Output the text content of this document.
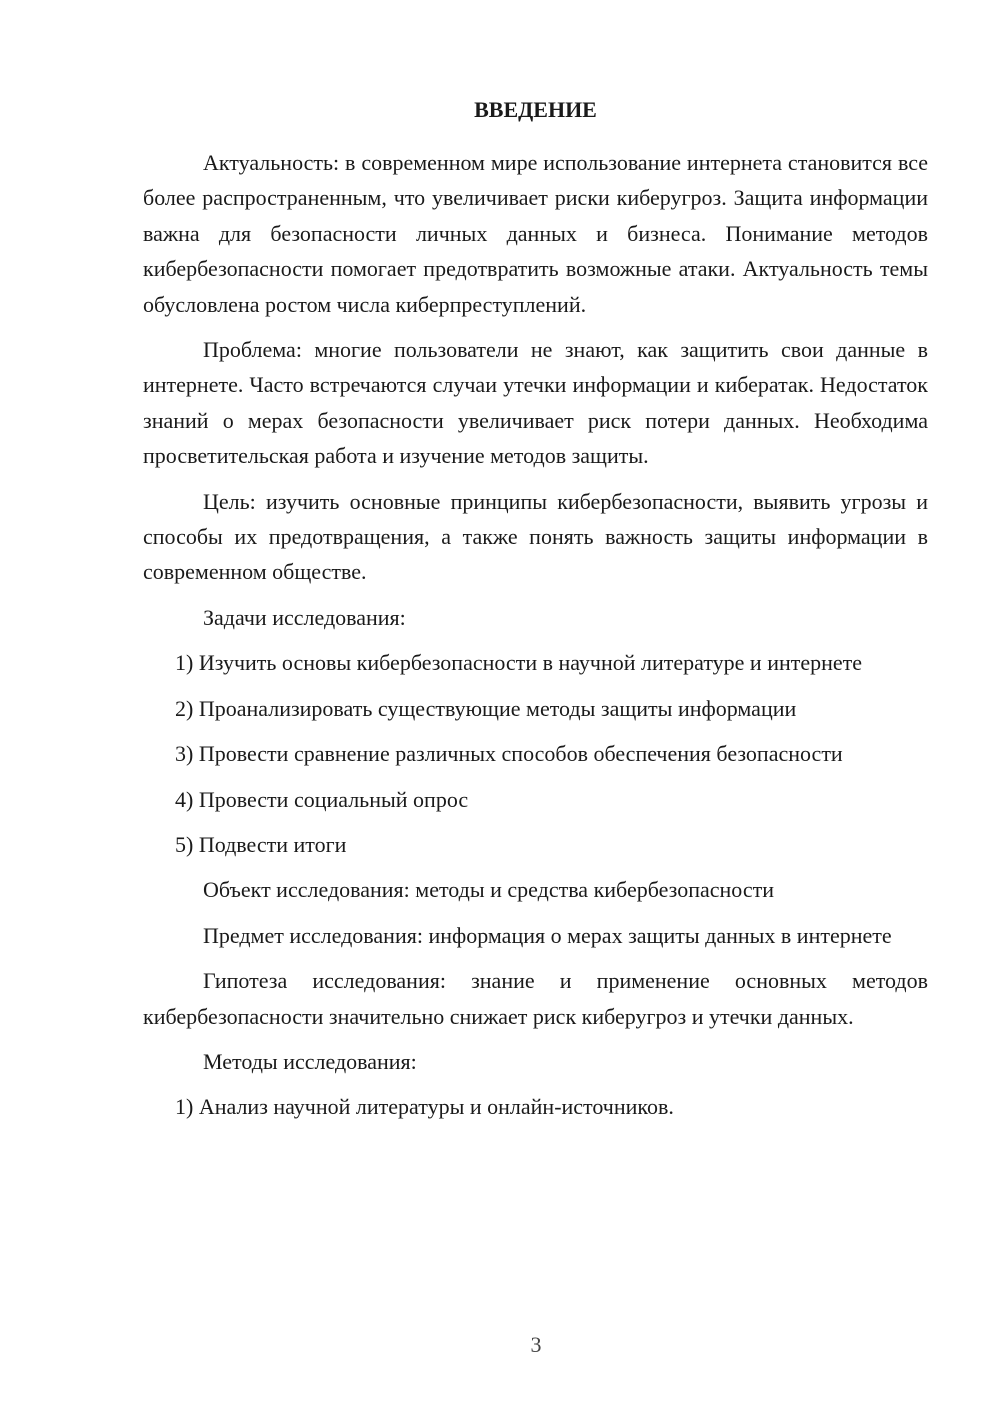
ВВЕДЕНИЕ

Актуальность: в современном мире использование интернета становится все более распространенным, что увеличивает риски киберугроз. Защита информации важна для безопасности личных данных и бизнеса. Понимание методов кибербезопасности помогает предотвратить возможные атаки. Актуальность темы обусловлена ростом числа киберпреступлений.

Проблема: многие пользователи не знают, как защитить свои данные в интернете. Часто встречаются случаи утечки информации и кибератак. Недостаток знаний о мерах безопасности увеличивает риск потери данных. Необходима просветительская работа и изучение методов защиты.

Цель: изучить основные принципы кибербезопасности, выявить угрозы и способы их предотвращения, а также понять важность защиты информации в современном обществе.

Задачи исследования:

1) Изучить основы кибербезопасности в научной литературе и интернете

2) Проанализировать существующие методы защиты информации

3) Провести сравнение различных способов обеспечения безопасности

4) Провести социальный опрос

5) Подвести итоги

Объект исследования: методы и средства кибербезопасности

Предмет исследования: информация о мерах защиты данных в интернете

Гипотеза исследования: знание и применение основных методов кибербезопасности значительно снижает риск киберугроз и утечки данных.

Методы исследования:

1) Анализ научной литературы и онлайн-источников.

3
